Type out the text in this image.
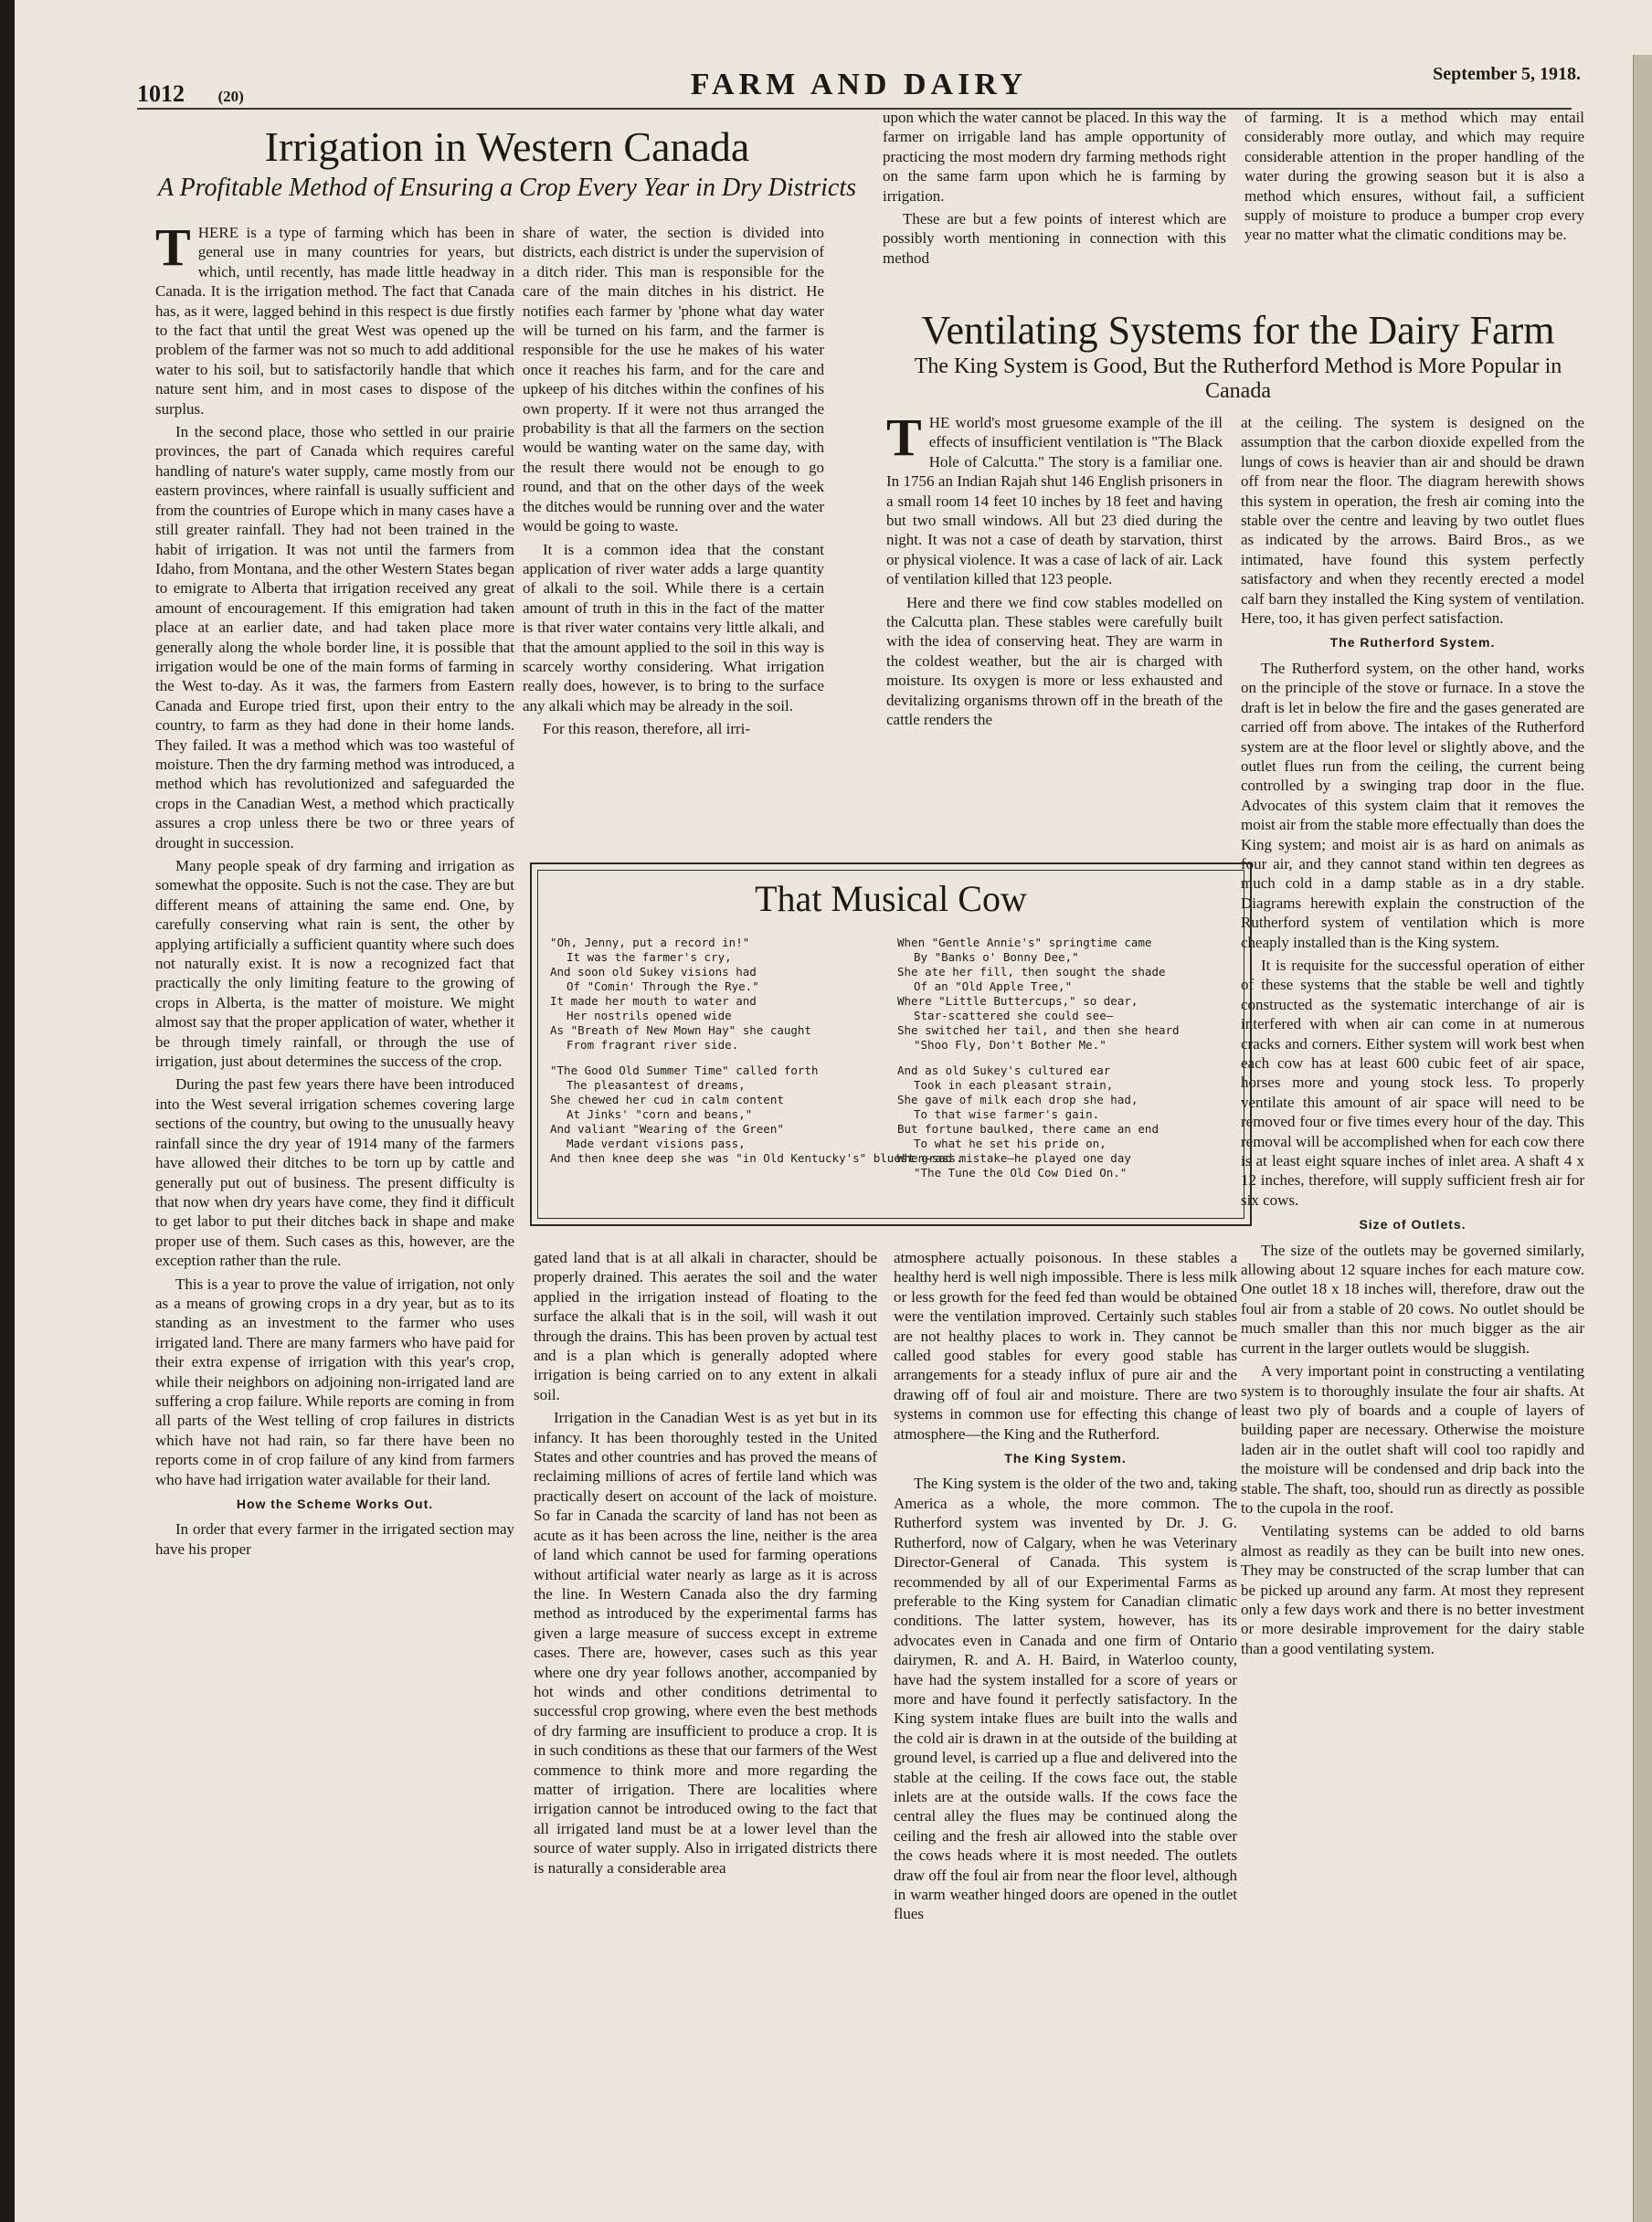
1012 (20)	FARM AND DAIRY	September 5, 1918.
Irrigation in Western Canada
A Profitable Method of Ensuring a Crop Every Year in Dry Districts

THERE is a type of farming which has been in general use in many countries for years, but which, until recently, has made little headway in Canada. It is the irrigation method. The fact that Canada has, as it were, lagged behind in this respect is due firstly to the fact that until the great West was opened up the problem of the farmer was not so much to add additional water to his soil, but to satisfactorily handle that which nature sent him, and in most cases to dispose of the surplus.

In the second place, those who settled in our prairie provinces, the part of Canada which requires careful handling of nature's water supply, came mostly from our eastern provinces, where rainfall is usually sufficient and from the countries of Europe which in many cases have a still greater rainfall. They had not been trained in the habit of irrigation. It was not until the farmers from Idaho, from Montana, and the other Western States began to emigrate to Alberta that irrigation received any great amount of encouragement. If this emigration had taken place at an earlier date, and had taken place more generally along the whole border line, it is possible that irrigation would be one of the main forms of farming in the West to-day. As it was, the farmers from Eastern Canada and Europe tried first, upon their entry to the country, to farm as they had done in their home lands. They failed. It was a method which was too wasteful of moisture. Then the dry farming method was introduced, a method which has revolutionized and safeguarded the crops in the Canadian West, a method which practically assures a crop unless there be two or three years of drought in succession.

Many people speak of dry farming and irrigation as somewhat the opposite. Such is not the case. They are but different means of attaining the same end. One, by carefully conserving what rain is sent, the other by applying artificially a sufficient quantity where such does not naturally exist. It is now a recognized fact that practically the only limiting feature to the growing of crops in Alberta, is the matter of moisture. We might almost say that the proper application of water, whether it be through timely rainfall, or through the use of irrigation, just about determines the success of the crop.

During the past few years there have been introduced into the West several irrigation schemes covering large sections of the country, but owing to the unusually heavy rainfall since the dry year of 1914 many of the farmers have allowed their ditches to be torn up by cattle and generally put out of business. The present difficulty is that now when dry years have come, they find it difficult to get labor to put their ditches back in shape and make proper use of them. Such cases as this, however, are the exception rather than the rule.

This is a year to prove the value of irrigation, not only as a means of growing crops in a dry year, but as to its standing as an investment to the farmer who uses irrigated land. There are many farmers who have paid for their extra expense of irrigation with this year's crop, while their neighbors on adjoining non-irrigated land are suffering a crop failure. While reports are coming in from all parts of the West telling of crop failures in districts which have not had rain, so far there have been no reports come in of crop failure of any kind from farmers who have had irrigation water available for their land.

How the Scheme Works Out.

In order that every farmer in the irrigated section may have his proper

share of water, the section is divided into districts, each district is under the supervision of a ditch rider. This man is responsible for the care of the main ditches in his district. He notifies each farmer by 'phone what day water will be turned on his farm, and the farmer is responsible for the use he makes of his water once it reaches his farm, and for the care and upkeep of his ditches within the confines of his own property. If it were not thus arranged the probability is that all the farmers on the section would be wanting water on the same day, with the result there would not be enough to go round, and that on the other days of the week the ditches would be running over and the water would be going to waste.

It is a common idea that the constant application of river water adds a large quantity of alkali to the soil. While there is a certain amount of truth in this in the fact of the matter is that river water contains very little alkali, and that the amount applied to the soil in this way is scarcely worthy considering. What irrigation really does, however, is to bring to the surface any alkali which may be already in the soil.

For this reason, therefore, all irri-

upon which the water cannot be placed. In this way the farmer on irrigable land has ample opportunity of practicing the most modern dry farming methods right on the same farm upon which he is farming by irrigation.

These are but a few points of interest which are possibly worth mentioning in connection with this method

of farming. It is a method which may entail considerably more outlay, and which may require considerable attention in the proper handling of the water during the growing season but it is also a method which ensures, without fail, a sufficient supply of moisture to produce a bumper crop every year no matter what the climatic conditions may be.

Ventilating Systems for the Dairy Farm
The King System is Good, But the Rutherford Method is More Popular in Canada

THE world's most gruesome example of the ill effects of insufficient ventilation is "The Black Hole of Calcutta." The story is a familiar one. In 1756 an Indian Rajah shut 146 English prisoners in a small room 14 feet 10 inches by 18 feet and having but two small windows. All but 23 died during the night. It was not a case of death by starvation, thirst or physical violence. It was a case of lack of air. Lack of ventilation killed that 123 people.

Here and there we find cow stables modelled on the Calcutta plan. These stables were carefully built with the idea of conserving heat. They are warm in the coldest weather, but the air is charged with moisture. Its oxygen is more or less exhausted and devitalizing organisms thrown off in the breath of the cattle renders the

at the ceiling. The system is designed on the assumption that the carbon dioxide expelled from the lungs of cows is heavier than air and should be drawn off from near the floor. The diagram herewith shows this system in operation, the fresh air coming into the stable over the centre and leaving by two outlet flues as indicated by the arrows. Baird Bros., as we intimated, have found this system perfectly satisfactory and when they recently erected a model calf barn they installed the King system of ventilation. Here, too, it has given perfect satisfaction.

The Rutherford System.

The Rutherford system, on the other hand, works on the principle of the stove or furnace. In a stove the draft is let in below the fire and the gases generated are carried off from above. The intakes of the Rutherford system are at the floor level or slightly above, and the outlet flues run from the ceiling, the current being controlled by a swinging trap door in the flue. Advocates of this system claim that it removes the moist air from the stable more effectually than does the King system; and moist air is as hard on animals as four air, and they cannot stand within ten degrees as much cold in a damp stable as in a dry stable. Diagrams herewith explain the construction of the Rutherford system of ventilation which is more cheaply installed than is the King system.

It is requisite for the successful operation of either of these systems that the stable be well and tightly constructed as the systematic interchange of air is interfered with when air can come in at numerous cracks and corners. Either system will work best when each cow has at least 600 cubic feet of air space, horses more and young stock less. To properly ventilate this amount of air space will need to be removed four or five times every hour of the day. This removal will be accomplished when for each cow there is at least eight square inches of inlet area. A shaft 4 x 12 inches, therefore, will supply sufficient fresh air for six cows.

Size of Outlets.

The size of the outlets may be governed similarly, allowing about 12 square inches for each mature cow. One outlet 18 x 18 inches will, therefore, draw out the foul air from a stable of 20 cows. No outlet should be much smaller than this nor much bigger as the air current in the larger outlets would be sluggish.

A very important point in constructing a ventilating system is to thoroughly insulate the four air shafts. At least two ply of boards and a couple of layers of building paper are necessary. Otherwise the moisture laden air in the outlet shaft will cool too rapidly and the moisture will be condensed and drip back into the stable. The shaft, too, should run as directly as possible to the cupola in the roof.

Ventilating systems can be added to old barns almost as readily as they can be built into new ones. They may be constructed of the scrap lumber that can be picked up around any farm. At most they represent only a few days work and there is no better investment or more desirable improvement for the dairy stable than a good ventilating system.

That Musical Cow
"Oh, Jenny, put a record in!"
It was the farmer's cry,
And soon old Sukey visions had
Of "Comin' Through the Rye."
It made her mouth to water and
Her nostrils opened wide
As "Breath of New Mown Hay" she caught
From fragrant river side.
"The Good Old Summer Time" called forth
The pleasantest of dreams,
She chewed her cud in calm content
At Jinks' "corn and beans,"
And valiant "Wearing of the Green"
Made verdant visions pass,
And then knee deep she was "in Old Kentucky's" bluest grass.
When "Gentle Annie's" springtime came
By "Banks o' Bonny Dee,"
She ate her fill, then sought the shade
Of an "Old Apple Tree,"
Where "Little Buttercups," so dear,
Star-scattered she could see—
She switched her tail, and then she heard
"Shoo Fly, Don't Bother Me."
And as old Sukey's cultured ear
Took in each pleasant strain,
She gave of milk each drop she had,
To that wise farmer's gain.
But fortune baulked, there came an end
To what he set his pride on,
When—sad mistake—he played one day
"The Tune the Old Cow Died On."

gated land that is at all alkali in character, should be properly drained. This aerates the soil and the water applied in the irrigation instead of floating to the surface the alkali that is in the soil, will wash it out through the drains. This has been proven by actual test and is a plan which is generally adopted where irrigation is being carried on to any extent in alkali soil.

Irrigation in the Canadian West is as yet but in its infancy. It has been thoroughly tested in the United States and other countries and has proved the means of reclaiming millions of acres of fertile land which was practically desert on account of the lack of moisture. So far in Canada the scarcity of land has not been as acute as it has been across the line, neither is the area of land which cannot be used for farming operations without artificial water nearly as large as it is across the line. In Western Canada also the dry farming method as introduced by the experimental farms has given a large measure of success except in extreme cases. There are, however, cases such as this year where one dry year follows another, accompanied by hot winds and other conditions detrimental to successful crop growing, where even the best methods of dry farming are insufficient to produce a crop. It is in such conditions as these that our farmers of the West commence to think more and more regarding the matter of irrigation. There are localities where irrigation cannot be introduced owing to the fact that all irrigated land must be at a lower level than the source of water supply. Also in irrigated districts there is naturally a considerable area

atmosphere actually poisonous. In these stables a healthy herd is well nigh impossible. There is less milk or less growth for the feed fed than would be obtained were the ventilation improved. Certainly such stables are not healthy places to work in. They cannot be called good stables for every good stable has arrangements for a steady influx of pure air and the drawing off of foul air and moisture. There are two systems in common use for effecting this change of atmosphere—the King and the Rutherford.

The King System.

The King system is the older of the two and, taking America as a whole, the more common. The Rutherford system was invented by Dr. J. G. Rutherford, now of Calgary, when he was Veterinary Director-General of Canada. This system is recommended by all of our Experimental Farms as preferable to the King system for Canadian climatic conditions. The latter system, however, has its advocates even in Canada and one firm of Ontario dairymen, R. and A. H. Baird, in Waterloo county, have had the system installed for a score of years or more and have found it perfectly satisfactory. In the King system intake flues are built into the walls and the cold air is drawn in at the outside of the building at ground level, is carried up a flue and delivered into the stable at the ceiling. If the cows face out, the stable inlets are at the outside walls. If the cows face the central alley the flues may be continued along the ceiling and the fresh air allowed into the stable over the cows heads where it is most needed. The outlets draw off the foul air from near the floor level, although in warm weather hinged doors are opened in the outlet flues
